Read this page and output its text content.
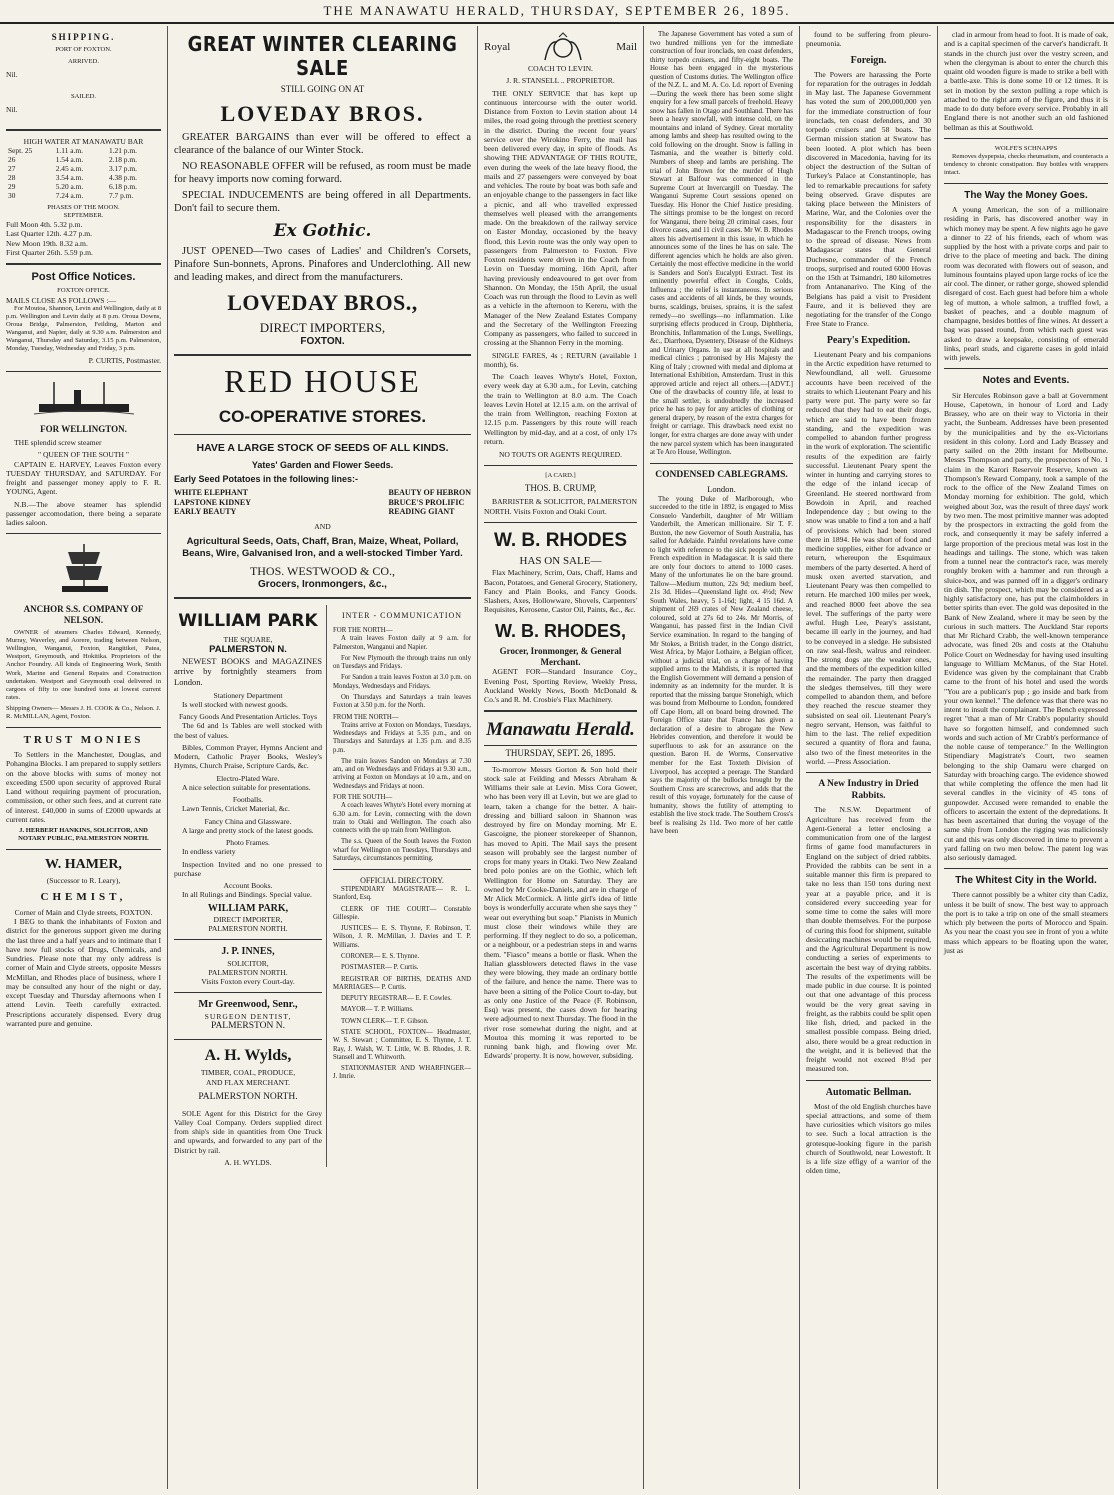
THE MANAWATU HERALD, THURSDAY, SEPTEMBER 26, 1895.
SHIPPING.
PORT OF FOXTON.
ARRIVED.
Nil.
SAILED.
Nil.
HIGH WATER AT MANAWATU BAR
Sept. 25	1.11 a.m.	1.21 p.m.
26	1.54 a.m.	2.18 p.m.
27	2.45 a.m.	3.17 p.m.
28	3.54 a.m.	4.38 p.m.
29	5.20 a.m.	6.18 p.m.
30	7.24 a.m.	7.7 p.m.
PHASES OF THE MOON.
SEPTEMBER.
Full Moon 4th. 5.32 p.m.
Last Quarter 12th. 4.27 p.m.
New Moon 19th. 8.32 a.m.
First Quarter 26th. 5.59 p.m.
Post Office Notices.
FOXTON OFFICE.
MAILS CLOSE AS FOLLOWS :—

For Moutoa, Shannon, Levin and Wellington, daily at 8 p.m. Wellington and Levin daily at 8 p.m. Oroua Downs, Oroua Bridge, Palmerston, Feilding, Marton and Wanganui, and Napier, daily at 9.30 a.m. Palmerston and Wanganui, Thursday and Saturday, 3.15 p.m. Palmerston, Monday, Tuesday, Wednesday and Friday, 3 p.m.

P. CURTIS, Postmaster.
FOR WELLINGTON.

THE splendid screw steamer

" QUEEN OF THE SOUTH "

CAPTAIN E. HARVEY, Leaves Foxton every TUESDAY THURSDAY, and SATURDAY. For freight and passenger money apply to F. R. YOUNG, Agent.

N.B.—The above steamer has splendid passenger accomodation, there being a separate ladies saloon.

ANCHOR S.S. COMPANY OF NELSON.

OWNER of steamers Charles Edward, Kennedy, Murray, Waverley, and Aorere, trading between Nelson, Wellington, Wanganui, Foxton, Rangitikei, Patea, Westport, Greymouth, and Hokitika. Proprietors of the Anchor Foundry. All kinds of Engineering Work, Smith Work, Marine and General Repairs and Construction undertaken. Westport and Greymouth coal delivered in cargoes of fifty to one hundred tons at lowest current rates.

Shipping Owners— Messrs J. H. COOK & Co., Nelson. J. R. McMILLAN, Agent, Foxton.
TRUST MONIES

To Settlers in the Manchester, Douglas, and Pohangina Blocks. I am prepared to supply settlers on the above blocks with sums of money not exceeding £500 upon security of approved Rural Land without requiring payment of procuration, commission, or other such fees, and at current rate of interest. £40,000 in sums of £2000 upwards at current rates.

J. HERBERT HANKINS, SOLICITOR, AND NOTARY PUBLIC, PALMERSTON NORTH.
W. HAMER,
(Successor to R. Leary),
CHEMIST,
Corner of Main and Clyde streets, FOXTON.

I BEG to thank the inhabitants of Foxton and district for the generous support given me during the last three and a half years and to intimate that I have now full stocks of Drugs, Chemicals, and Sundries. Please note that my only address is corner of Main and Clyde streets, opposite Messrs McMillan, and Rhodes place of business, where I may be consulted any hour of the night or day, except Tuesday and Thursday afternoons when I attend Levin. Teeth carefully extracted. Prescriptions accurately dispensed. Every drug warranted pure and genuine.

GREAT WINTER CLEARING SALE
STILL GOING ON AT
LOVEDAY BROS.

GREATER BARGAINS than ever will be offered to effect a clearance of the balance of our Winter Stock.

NO REASONABLE OFFER will be refused, as room must be made for heavy imports now coming forward.

SPECIAL INDUCEMENTS are being offered in all Departments. Don't fail to secure them.

Ex Gothic.

JUST OPENED—Two cases of Ladies' and Children's Corsets, Pinafore Sun-bonnets, Aprons. Pinafores and Underclothing. All new and leading makes, and direct from the manufacturers.

LOVEDAY BROS.,
DIRECT IMPORTERS,
FOXTON.
RED HOUSE
CO-OPERATIVE STORES.
HAVE A LARGE STOCK OF SEEDS OF ALL KINDS.
Yates' Garden and Flower Seeds.
Early Seed Potatoes in the following lines:-
WHITE ELEPHANT
LAPSTONE KIDNEY
EARLY BEAUTY
BEAUTY OF HEBRON
BRUCE'S PROLIFIC
READING GIANT
AND
Agricultural Seeds, Oats, Chaff, Bran, Maize, Wheat, Pollard, Beans, Wire, Galvanised Iron, and a well-stocked Timber Yard.
THOS. WESTWOOD & CO.,
Grocers, Ironmongers, &c.,
WILLIAM PARK
THE SQUARE,
PALMERSTON N.

NEWEST BOOKS and MAGAZINES arrive by fortnightly steamers from London.

Stationery Department

Is well stocked with newest goods.

Fancy Goods And Presentation Articles. Toys

The 6d and 1s Tables are well stocked with the best of values.

Bibles, Common Prayer, Hymns Ancient and Modern, Catholic Prayer Books, Wesley's Hymns, Church Praise, Scripture Cards, &c.

Electro-Plated Ware.

A nice selection suitable for presentations.

Footballs.

Lawn Tennis, Cricket Material, &c.

Fancy China and Glassware.

A large and pretty stock of the latest goods.

Photo Frames.

In endless variety

Inspection Invited and no one pressed to purchase

Account Books.

In all Rulings and Bindings. Special value.

WILLIAM PARK,
DIRECT IMPORTER,
PALMERSTON NORTH.
J. P. INNES,
SOLICITOR,
PALMERSTON NORTH.
Visits Foxton every Court-day.
Mr Greenwood, Senr.,
SURGEON DENTIST,
PALMERSTON N.
A. H. Wylds,
TIMBER, COAL, PRODUCE,
AND FLAX MERCHANT.
PALMERSTON NORTH.

SOLE Agent for this District for the Grey Valley Coal Company. Orders supplied direct from ship's side in quantities from One Truck and upwards, and forwarded to any part of the District by rail.

A. H. WYLDS.
INTER - COMMUNICATION
FOR THE NORTH—

A train leaves Foxton daily at 9 a.m. for Palmerston, Wanganui and Napier.

For New Plymouth the through trains run only on Tuesdays and Fridays.

For Sandon a train leaves Foxton at 3.0 p.m. on Mondays, Wednesdays and Fridays.

On Thursdays and Saturdays a train leaves Foxton at 3.50 p.m. for the North.

FROM THE NORTH—

Trains arrive at Foxton on Mondays, Tuesdays, Wednesdays and Fridays at 5.35 p.m., and on Thursdays and Saturdays at 1.35 p.m. and 8.35 p.m.

The train leaves Sandon on Mondays at 7.30 am, and on Wednesdays and Fridays at 9.30 a.m., arriving at Foxton on Mondays at 10 a.m., and on Wednesdays and Fridays at noon.

FOR THE SOUTH—

A coach leaves Whyte's Hotel every morning at 6.30 a.m. for Levin, connecting with the down train to Otaki and Wellington. The coach also connects with the up train from Wellington.

The s.s. Queen of the South leaves the Foxton wharf for Wellington on Tuesdays, Thursdays and Saturdays, circumstances permitting.

OFFICIAL DIRECTORY.

STIPENDIARY MAGISTRATE— R. L. Stanford, Esq.

CLERK OF THE COURT— Constable Gillespie.

JUSTICES— E. S. Thynne, F. Robinson, T. Wilson, J. R. McMillan, J. Davies and T. P. Williams.

CORONER— E. S. Thynne.

POSTMASTER— P. Curtis.

REGISTRAR OF BIRTHS, DEATHS AND MARRIAGES— P. Curtis.

DEPUTY REGISTRAR— E. F. Cowles.

MAYOR— T. P. Williams.

TOWN CLERK— T. F. Gibson.

STATE SCHOOL, FOXTON— Headmaster, W. S. Stewart ; Committee, E. S. Thynne, J. T. Ray, J. Walsh, W. T. Little, W. B. Rhodes, J. R. Stansell and T. Whitworth.

STATIONMASTER AND WHARFINGER— J. Imrie.

Royal	Mail
COACH TO LEVIN.
J. R. STANSELL .. PROPRIETOR.

THE ONLY SERVICE that has kept up continuous intercourse with the outer world. Distance from Foxton to Levin station about 14 miles, the road going through the prettiest scenery in the district. During the recent four years' service over the Wirokino Ferry, the mail has been delivered every day, in spite of floods. As showing THE ADVANTAGE OF THIS ROUTE, even during the week of the late heavy flood, the mails and 27 passengers were conveyed by boat and vehicles. The route by boat was both safe and an enjoyable change to the passengers in fact like a picnic, and all who travelled expressed themselves well pleased with the arrangements made. On the breakdown of the railway service on Easter Monday, occasioned by the heavy flood, this Levin route was the only way open to passengers from Palmerston to Foxton. Five Foxton residents were driven in the Coach from Levin on Tuesday morning, 16th April, after having previously endeavoured to get over from Shannon. On Monday, the 15th April, the usual Coach was run through the flood to Levin as well as a vehicle in the afternoon to Kereru, with the Manager of the New Zealand Estates Company and the Secretary of the Wellington Freezing Company as passengers, who failed to succeed in crossing at the Shannon Ferry in the morning.

SINGLE FARES, 4s ; RETURN (available 1 month), 6s.

The Coach leaves Whyte's Hotel, Foxton, every week day at 6.30 a.m., for Levin, catching the train to Wellington at 8.0 a.m. The Coach leaves Levin Hotel at 12.15 a.m. on the arrival of the train from Wellington, reaching Foxton at 12.15 p.m. Passengers by this route will reach Wellington by mid-day, and at a cost, of only 17s return.

NO TOUTS OR AGENTS REQUIRED.
[A CARD.]
THOS. B. CRUMP,

BARRISTER & SOLICITOR, PALMERSTON NORTH. Visits Foxton and Otaki Court.

W. B. RHODES
HAS ON SALE—

Flax Machinery, Scrim, Oats, Chaff, Hams and Bacon, Potatoes, and General Grocery, Stationery, Fancy and Plain Books, and Fancy Goods. Slashers, Axes, Hollowware, Shovels, Carpenters' Requisites, Kerosene, Castor Oil, Paints, &c., &c.

W. B. RHODES,
Grocer, Ironmonger, & General Merchant.

AGENT FOR—Standard Insurance Coy., Evening Post, Sporting Review, Weekly Press, Auckland Weekly News, Booth McDonald & Co.'s and R. M. Crosbie's Flax Machinery.

Manawatu Herald.
THURSDAY, SEPT. 26, 1895.

To-morrow Messrs Gorton & Son hold their stock sale at Feilding and Messrs Abraham & Williams their sale at Levin. Miss Cora Gower, who has been very ill at Levin, but we are glad to learn, taken a change for the better. A hair-dressing and billiard saloon in Shannon was destroyed by fire on Monday morning. Mr E. Gascoigne, the pioneer storekeeper of Shannon, has moved to Apiti. The Mail says the present season will probably see the largest number of crops for many years in Otaki. Two New Zealand bred polo ponies are on the Gothic, which left Wellington for Home on Saturday. They are owned by Mr Cooke-Daniels, and are in charge of Mr Alick McCormick. A little girl's idea of little boys is wonderfully accurate when she says they " wear out everything but soap." Pianists in Munich must close their windows while they are performing. If they neglect to do so, a policeman, or a neighbour, or a pedestrian steps in and warns them. "Fiasco" means a bottle or flask. When the Italian glassblowers detected flaws in the vase they were blowing, they made an ordinary bottle of the failure, and hence the name. There was to have been a sitting of the Police Court to-day, but as only one Justice of the Peace (F. Robinson, Esq) was present, the cases down for hearing were adjourned to next Thursday. The flood in the river rose somewhat during the night, and at Moutoa this morning it was reported to be running bank high, and flowing over Mr. Edwards' property. It is now, however, subsiding.

The Japanese Government has voted a sum of two hundred millions yen for the immediate construction of four ironclads, ten coast defenders, thirty torpedo cruisers, and fifty-eight boats. The House has been engaged in the mysterious question of Customs duties. The Wellington office of the N.Z. L. and M. A. Co. Ld. report of Evening—During the week there has been some slight enquiry for a few small parcels of freehold. Heavy snow has fallen in Otago and Southland. There has been a heavy snowfall, with intense cold, on the mountains and inland of Sydney. Great mortality among lambs and sheep has resulted owing to the cold following on the drought. Snow is falling in Tasmania, and the weather is bitterly cold. Numbers of sheep and lambs are perishing. The trial of John Brown for the murder of Hugh Stewart at Balfour was commenced in the Supreme Court at Invercargill on Tuesday. The Wanganui Supreme Court sessions opened on Tuesday. His Honor the Chief Justice presiding. The sittings promise to be the longest on record for Wanganui, there being 20 criminal cases, four divorce cases, and 11 civil cases. Mr W. B. Rhodes alters his advertisement in this issue, in which he announces some of the lines he has on sale. The different agencies which he holds are also given. Certainly the most effective medicine in the world is Sanders and Son's Eucalypti Extract. Test its eminently powerful effect in Coughs, Colds, Influenza ; the relief is instantaneous. In serious cases and accidents of all kinds, be they wounds, burns, scaldings, bruises, sprains, it is the safest remedy—no swellings—no inflammation. Like surprising effects produced in Croup, Diphtheria, Bronchitis, Inflammation of the Lungs, Swellings, &c., Diarrhoea, Dysentery, Disease of the Kidneys and Urinary Organs. In use at all hospitals and medical clinics ; patronised by His Majesty the King of Italy ; crowned with medal and diploma at International Exhibition, Amsterdam. Trust in this approved article and reject all others.—[ADVT.] One of the drawbacks of country life, at least to the small settler, is undoubtedly the increased price he has to pay for any articles of clothing or general drapery, by reason of the extra charges for freight or carriage. This drawback need exist no longer, for extra charges are done away with under the new parcel system which has been inaugurated at Te Aro House, Wellington.

CONDENSED CABLEGRAMS.
London.

The young Duke of Marlborough, who succeeded to the title in 1892, is engaged to Miss Consuelo Vanderbilt, daughter of Mr William Vanderbilt, the American millionaire. Sir T. F. Buxton, the new Governor of South Australia, has sailed for Adelaide. Painful revelations have come to light with reference to the sick people with the French expedition in Madagascar. It is said there are only four doctors to attend to 1000 cases. Many of the unfortunates lie on the bare ground. Tallow—Medium mutton, 22s 9d; medium beef, 21s 3d. Hides—Queensland light ox. 4½d; New South Wales, heavy, 5 1-16d; light, 4 15 16d. A shipment of 269 crates of New Zealand cheese, coloured, sold at 27s 6d to 24s. Mr Morris, of Wanganui, has passed first in the Indian Civil Service examination. In regard to the hanging of Mr Stokes, a British trader, in the Congo district, West Africa, by Major Lothaire, a Belgian officer, without a judicial trial, on a charge of having supplied arms to the Mahdists, it is reported that the English Government will demand a pension of indemnity as an indemnity for the murder. It is reported that the missing barque Stonehigh, which was bound from Melbourne to London, foundered off Cape Horn, all on board being drowned. The Foreign Office state that France has given a declaration of a desire to abrogate the New Hebrides convention, and therefore it would be superfluous to ask for an assurance on the question. Baron H. de Worms, Conservative member for the East Toxteth Division of Liverpool, has accepted a peerage. The Standard says the majority of the bullocks brought by the Southern Cross are scarecrows, and adds that the result of this voyage, fortunately for the cause of humanity, shows the futility of attempting to establish the live stock trade. The Southern Cross's beef is realising 2s 11d. Two more of her cattle have been

found to be suffering from pleuro-pneumonia.

Foreign.

The Powers are harassing the Porte for reparation for the outrages in Jeddah in May last. The Japanese Government has voted the sum of 200,000,000 yen for the immediate construction of four ironclads, ten coast defenders, and 30 torpedo cruisers and 58 boats. The German mission station at Swatow has been looted. A plot which has been discovered in Macedonia, having for its object the destruction of the Sultan of Turkey's Palace at Constantinople, has led to remarkable precautions for safety being observed. Grave disputes are taking place between the Ministers of Marine, War, and the Colonies over the responsibility for the disasters in Madagascar to the French troops, owing to the spread of disease. News from Madagascar states that General Duchesne, commander of the French troops, surprised and routed 6000 Hovas on the 15th at Tsimandri, 180 kilometres from Antananarivo. The King of the Belgians has paid a visit to President Faure, and it is believed they are negotiating for the transfer of the Congo Free State to France.

Peary's Expedition.

Lieutenant Peary and his companions in the Arctic expedition have returned to Newfoundland, all well. Gruesome accounts have been received of the straits to which Lieutenant Peary and his party were put. The party were so far reduced that they had to eat their dogs, which are said to have been frozen standing, and the expedition was compelled to abandon further progress in the work of exploration. The scientific results of the expedition are fairly successful. Lieutenant Peary spent the winter in hunting and carrying stores to the edge of the inland icecap of Greenland. He steered northward from Bowdoin in April, and reached Independence day ; but owing to the snow was unable to find a ton and a half of provisions which had been stored there in 1894. He was short of food and medicine supplies, either for advance or return, whereupon the Esquimaux members of the party deserted. A herd of musk oxen averted starvation, and Lieutenant Peary was then compelled to return. He marched 100 miles per week, and reached 8000 feet above the sea level. The sufferings of the party were awful. Hugh Lee, Peary's assistant, became ill early in the journey, and had to be conveyed in a sledge. He subsisted on raw seal-flesh, walrus and reindeer. The strong dogs ate the weaker ones, and the members of the expedition killed the remainder. The party then dragged the sledges themselves, till they were compelled to abandon them, and before they reached the rescue steamer they subsisted on seal oil. Lieutenant Peary's negro servant, Henson, was faithful to him to the last. The relief expedition secured a quantity of flora and fauna, also two of the finest meteorites in the world. —Press Association.

A New Industry in Dried Rabbits.

The N.S.W. Department of Agriculture has received from the Agent-General a letter enclosing a communication from one of the largest firms of game food manufacturers in England on the subject of dried rabbits. Provided the rabbits can be sent in a suitable manner this firm is prepared to take no less than 150 tons during next year at a payable price, and it is considered every succeeding year for some time to come the sales will more than double themselves. For the purpose of curing this food for shipment, suitable desiccating machines would be required, and the Agricultural Department is now conducting a series of experiments to ascertain the best way of drying rabbits. The results of the experiments will be made public in due course. It is pointed out that one advantage of this process would be the very great saving in freight, as the rabbits could be split open like fish, dried, and packed in the smallest possible compass. Being dried, also, there would be a great reduction in the weight, and it is believed that the freight would not exceed 8½d per measured ton.

Automatic Bellman.

Most of the old English churches have special attractions, and some of them have curiosities which visitors go miles to see. Such a local attraction is the grotesque-looking figure in the parish church of Southwold, near Lowestoft. It is a life size effigy of a warrior of the olden time,

clad in armour from head to foot. It is made of oak, and is a capital specimen of the carver's handicraft. It stands in the church just over the vestry screen, and when the clergyman is about to enter the church this quaint old wooden figure is made to strike a bell with a battle-axe. This is done some 10 or 12 times. It is set in motion by the sexton pulling a rope which is attached to the right arm of the figure, and thus it is made to do duty before every service. Probably in all England there is not another such an old fashioned bellman as this at Southwold.

WOLFE'S SCHNAPPS

Removes dyspepsia, checks rheumatism, and counteracts a tendency to chronic constipation. Buy bottles with wrappers intact.

The Way the Money Goes.

A young American, the son of a millionaire residing in Paris, has discovered another way in which money may be spent. A few nights ago he gave a dinner to 22 of his friends, each of whom was supplied by the host with a private corps and pair to drive to the place of meeting and back. The dining room was decorated with flowers out of season, and luminous fountains played upon large rocks of ice the air cool. The dinner, or rather gorge, showed splendid disregard of cost. Each guest had before him a whole leg of mutton, a whole salmon, a truffled fowl, a basket of peaches, and a double magnum of champagne, besides bottles of fine wines. At dessert a bag was passed round, from which each guest was asked to draw a keepsake, consisting of emerald links, pearl studs, and cigarette cases in gold inlaid with jewels.

Notes and Events.

Sir Hercules Robinson gave a ball at Government House, Capetown, in honour of Lord and Lady Brassey, who are on their way to Victoria in their yacht, the Sunbeam. Addresses have been presented by the municipalities and by the ex-Victorians resident in this colony. Lord and Lady Brassey and party sailed on the 20th instant for Melbourne. Messrs Thompson and party, the prospectors of No. 1 claim in the Karori Reservoir Reserve, known as Thompson's Reward Company, took a sample of the rock to the office of the New Zealand Times on Monday morning for exhibition. The gold, which weighed about 3oz, was the result of three days' work by two men. The most primitive manner was adopted by the prospectors in extracting the gold from the rock, and consequently it may be safely inferred a large proportion of the precious metal was lost in the headings and tailings. The stone, which was taken from a tunnel near the contractor's race, was merely roughly broken with a hammer and run through a sluice-box, and was panned off in a digger's ordinary tin dish. The prospect, which may be considered as a highly satisfactory one, has put the claimholders in better spirits than ever. The gold was deposited in the Bank of New Zealand, where it may be seen by the curious in such matters. The Auckland Star reports that Mr Richard Crabb, the well-known temperance advocate, was fined 20s and costs at the Otahuhu Police Court on Wednesday for having used insulting language to William McManus, of the Star Hotel. Evidence was given by the complainant that Crabb came to the front of his hotel and used the words "You are a publican's pup ; go inside and bark from your own kennel." The defence was that there was no intent to insult the complainant. The Bench expressed regret "that a man of Mr Crabb's popularity should have so forgotten himself, and condemned such words and such action of Mr Crabb's performance of the noble cause of temperance." In the Wellington Stipendiary Magistrate's Court, two seamen belonging to the ship Oamaru were charged on Saturday with broaching cargo. The evidence showed that while completing the offence the men had lit several candles in the vicinity of 45 tons of gunpowder. Accused were remanded to enable the officers to ascertain the extent of the depredations. It has been ascertained that during the voyage of the same ship from London the rigging was maliciously cut and this was only discovered in time to prevent a yard falling on two men below. The patent log was also seriously damaged.

The Whitest City in the World.

There cannot possibly be a whiter city than Cadiz, unless it be built of snow. The best way to approach the port is to take a trip on one of the small steamers which ply between the ports of Morocco and Spain. As you near the coast you see in front of you a white mass which appears to be floating upon the water, just as
